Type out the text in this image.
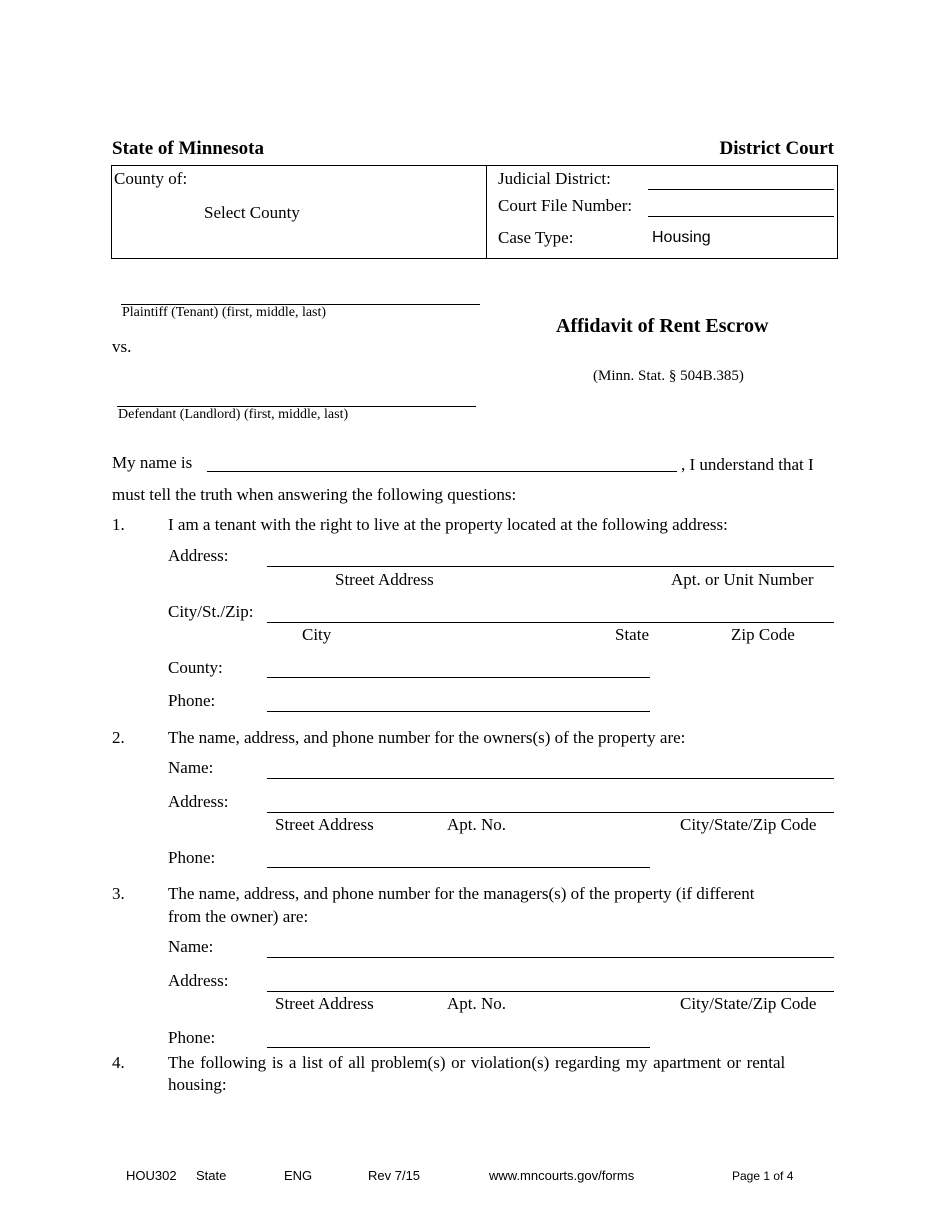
State of Minnesota	District Court
County of:
Select County
Judicial District:
Court File Number:
Case Type:	Housing
Plaintiff (Tenant) (first, middle, last)
vs.
Defendant (Landlord) (first, middle, last)
Affidavit of Rent Escrow
(Minn. Stat. § 504B.385)
My name is	, I understand that I
must tell the truth when answering the following questions:
1.	I am a tenant with the right to live at the property located at the following address:
Address:
Street Address	Apt. or Unit Number
City/St./Zip:
City	State	Zip Code
County:
Phone:
2.	The name, address, and phone number for the owners(s) of the property are:
Name:
Address:
Street Address	Apt. No.	City/State/Zip Code
Phone:
3.	The name, address, and phone number for the managers(s) of the property (if different
from the owner) are:
Name:
Address:
Street Address	Apt. No.	City/State/Zip Code
Phone:
4.	The following is a list of all problem(s) or violation(s) regarding my apartment or rental
housing:
HOU302 State	ENG	Rev 7/15	www.mncourts.gov/forms	Page 1 of 4
